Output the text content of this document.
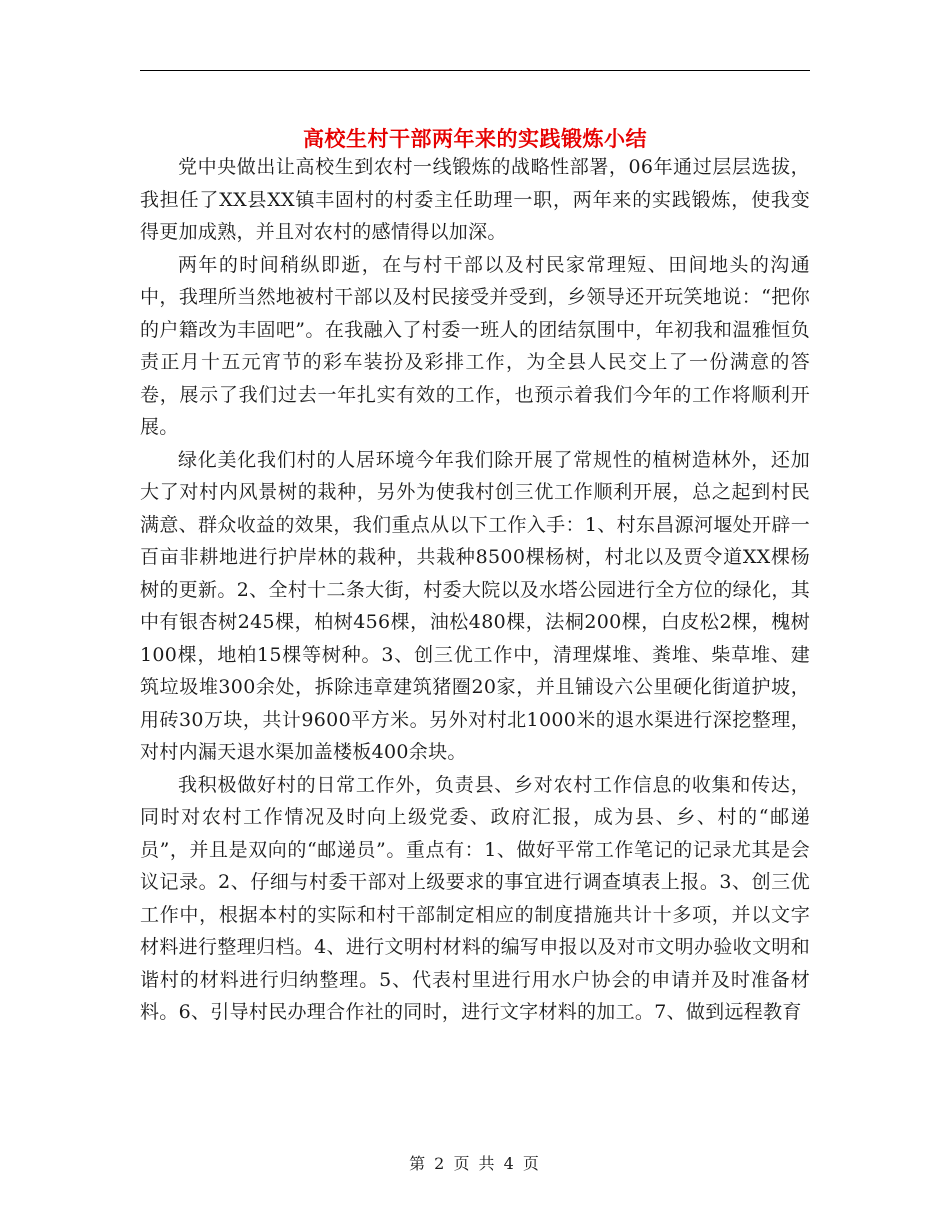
高校生村干部两年来的实践锻炼小结

党中央做出让高校生到农村一线锻炼的战略性部署，06年通过层层选拔，我担任了XX县XX镇丰固村的村委主任助理一职，两年来的实践锻炼，使我变得更加成熟，并且对农村的感情得以加深。

两年的时间稍纵即逝，在与村干部以及村民家常理短、田间地头的沟通中，我理所当然地被村干部以及村民接受并受到，乡领导还开玩笑地说：“把你的户籍改为丰固吧”。在我融入了村委一班人的团结氛围中，年初我和温雅恒负责正月十五元宵节的彩车装扮及彩排工作，为全县人民交上了一份满意的答卷，展示了我们过去一年扎实有效的工作，也预示着我们今年的工作将顺利开展。

绿化美化我们村的人居环境今年我们除开展了常规性的植树造林外，还加大了对村内风景树的栽种，另外为使我村创三优工作顺利开展，总之起到村民满意、群众收益的效果，我们重点从以下工作入手：1、村东昌源河堰处开辟一百亩非耕地进行护岸林的栽种，共栽种8500棵杨树，村北以及贾令道XX棵杨树的更新。2、全村十二条大街，村委大院以及水塔公园进行全方位的绿化，其中有银杏树245棵，柏树456棵，油松480棵，法桐200棵，白皮松2棵，槐树100棵，地柏15棵等树种。3、创三优工作中，清理煤堆、粪堆、柴草堆、建筑垃圾堆300余处，拆除违章建筑猪圈20家，并且铺设六公里硬化街道护坡，用砖30万块，共计9600平方米。另外对村北1000米的退水渠进行深挖整理，对村内漏天退水渠加盖楼板400余块。

我积极做好村的日常工作外，负责县、乡对农村工作信息的收集和传达，同时对农村工作情况及时向上级党委、政府汇报，成为县、乡、村的“邮递员”，并且是双向的“邮递员”。重点有：1、做好平常工作笔记的记录尤其是会议记录。2、仔细与村委干部对上级要求的事宜进行调查填表上报。3、创三优工作中，根据本村的实际和村干部制定相应的制度措施共计十多项，并以文字材料进行整理归档。4、进行文明村材料的编写申报以及对市文明办验收文明和谐村的材料进行归纳整理。5、代表村里进行用水户协会的申请并及时准备材料。6、引导村民办理合作社的同时，进行文字材料的加工。7、做到远程教育

第 2 页 共 4 页
